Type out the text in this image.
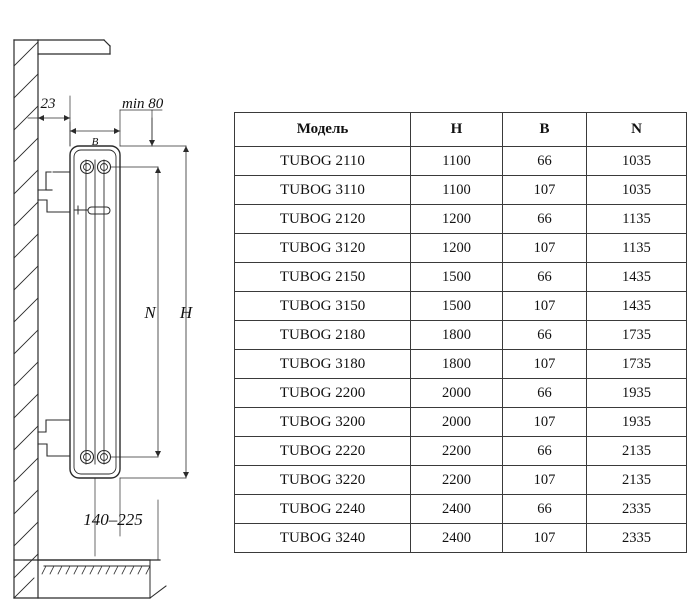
23	min 80
B
H
N
140–225
Модель	H	B	N
TUBOG 2110	1100	66	1035
TUBOG 3110	1100	107	1035
TUBOG 2120	1200	66	1135
TUBOG 3120	1200	107	1135
TUBOG 2150	1500	66	1435
TUBOG 3150	1500	107	1435
TUBOG 2180	1800	66	1735
TUBOG 3180	1800	107	1735
TUBOG 2200	2000	66	1935
TUBOG 3200	2000	107	1935
TUBOG 2220	2200	66	2135
TUBOG 3220	2200	107	2135
TUBOG 2240	2400	66	2335
TUBOG 3240	2400	107	2335
